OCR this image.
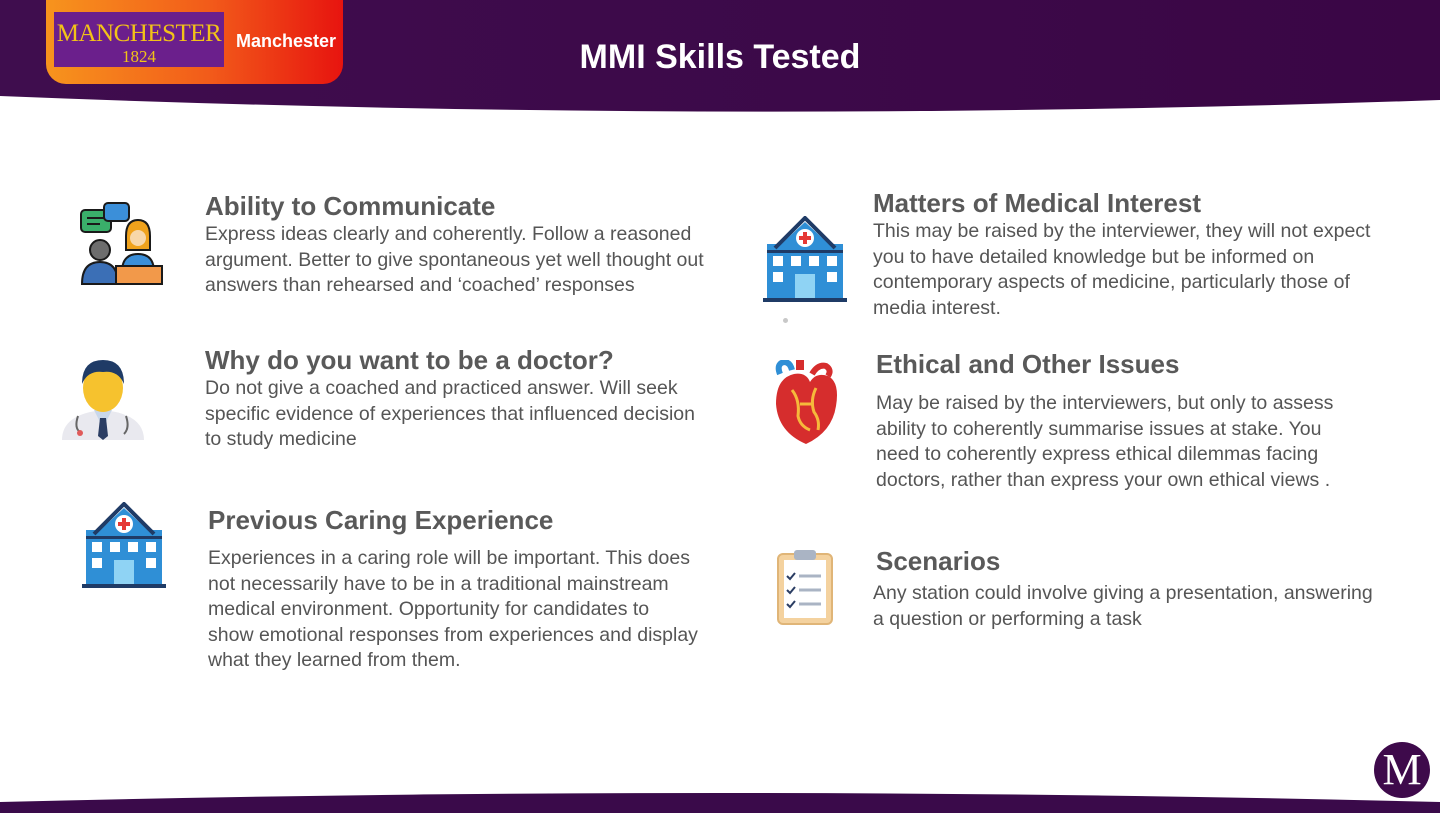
MANCHESTER
1824
Manchester	MMI Skills Tested
Ability to Communicate

Express ideas clearly and coherently. Follow a reasoned argument. Better to give spontaneous yet well thought out answers than rehearsed and ‘coached’ responses

Why do you want to be a doctor?

Do not give a coached and practiced answer. Will seek specific evidence of experiences that influenced decision to study medicine

Previous Caring Experience

Experiences in a caring role will be important. This does not necessarily have to be in a traditional mainstream medical environment. Opportunity for candidates to show emotional responses from experiences and display what they learned from them.

Matters of Medical Interest

This may be raised by the interviewer, they will not expect you to have detailed knowledge but be informed on contemporary aspects of medicine, particularly those of media interest.

Ethical and Other Issues

May be raised by the interviewers, but only to assess ability to coherently summarise issues at stake. You need to coherently express ethical dilemmas facing doctors, rather than express your own ethical views .

Scenarios

Any station could involve giving a presentation, answering a question or performing a task

M
